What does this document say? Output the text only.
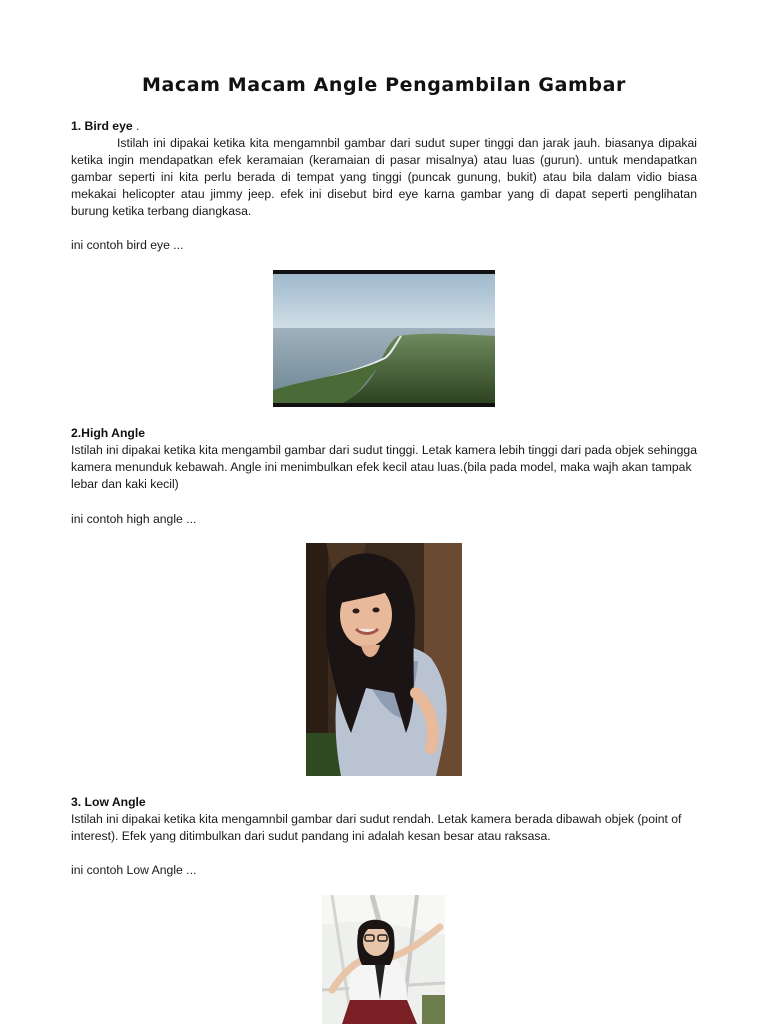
Macam Macam Angle Pengambilan Gambar
1. Bird eye .
Istilah ini dipakai ketika kita mengamnbil gambar dari sudut super tinggi dan jarak jauh. biasanya dipakai ketika ingin mendapatkan efek keramaian (keramaian di pasar misalnya) atau luas (gurun). untuk mendapatkan gambar seperti ini kita perlu berada di tempat yang tinggi (puncak gunung, bukit) atau bila dalam vidio biasa mekakai helicopter atau jimmy jeep. efek ini disebut bird eye karna gambar yang di dapat seperti penglihatan burung ketika terbang diangkasa.
ini contoh bird eye ...
2.High Angle
Istilah ini dipakai ketika kita mengambil gambar dari sudut tinggi. Letak kamera lebih tinggi dari pada objek sehingga kamera menunduk kebawah. Angle ini menimbulkan efek kecil atau luas.(bila pada model, maka wajh akan tampak lebar dan kaki kecil)
ini contoh high angle ...
3. Low Angle
Istilah ini dipakai ketika kita mengamnbil gambar dari sudut rendah. Letak kamera berada dibawah objek (point of interest). Efek yang ditimbulkan dari sudut pandang ini adalah kesan besar atau raksasa.
ini contoh Low Angle ...
